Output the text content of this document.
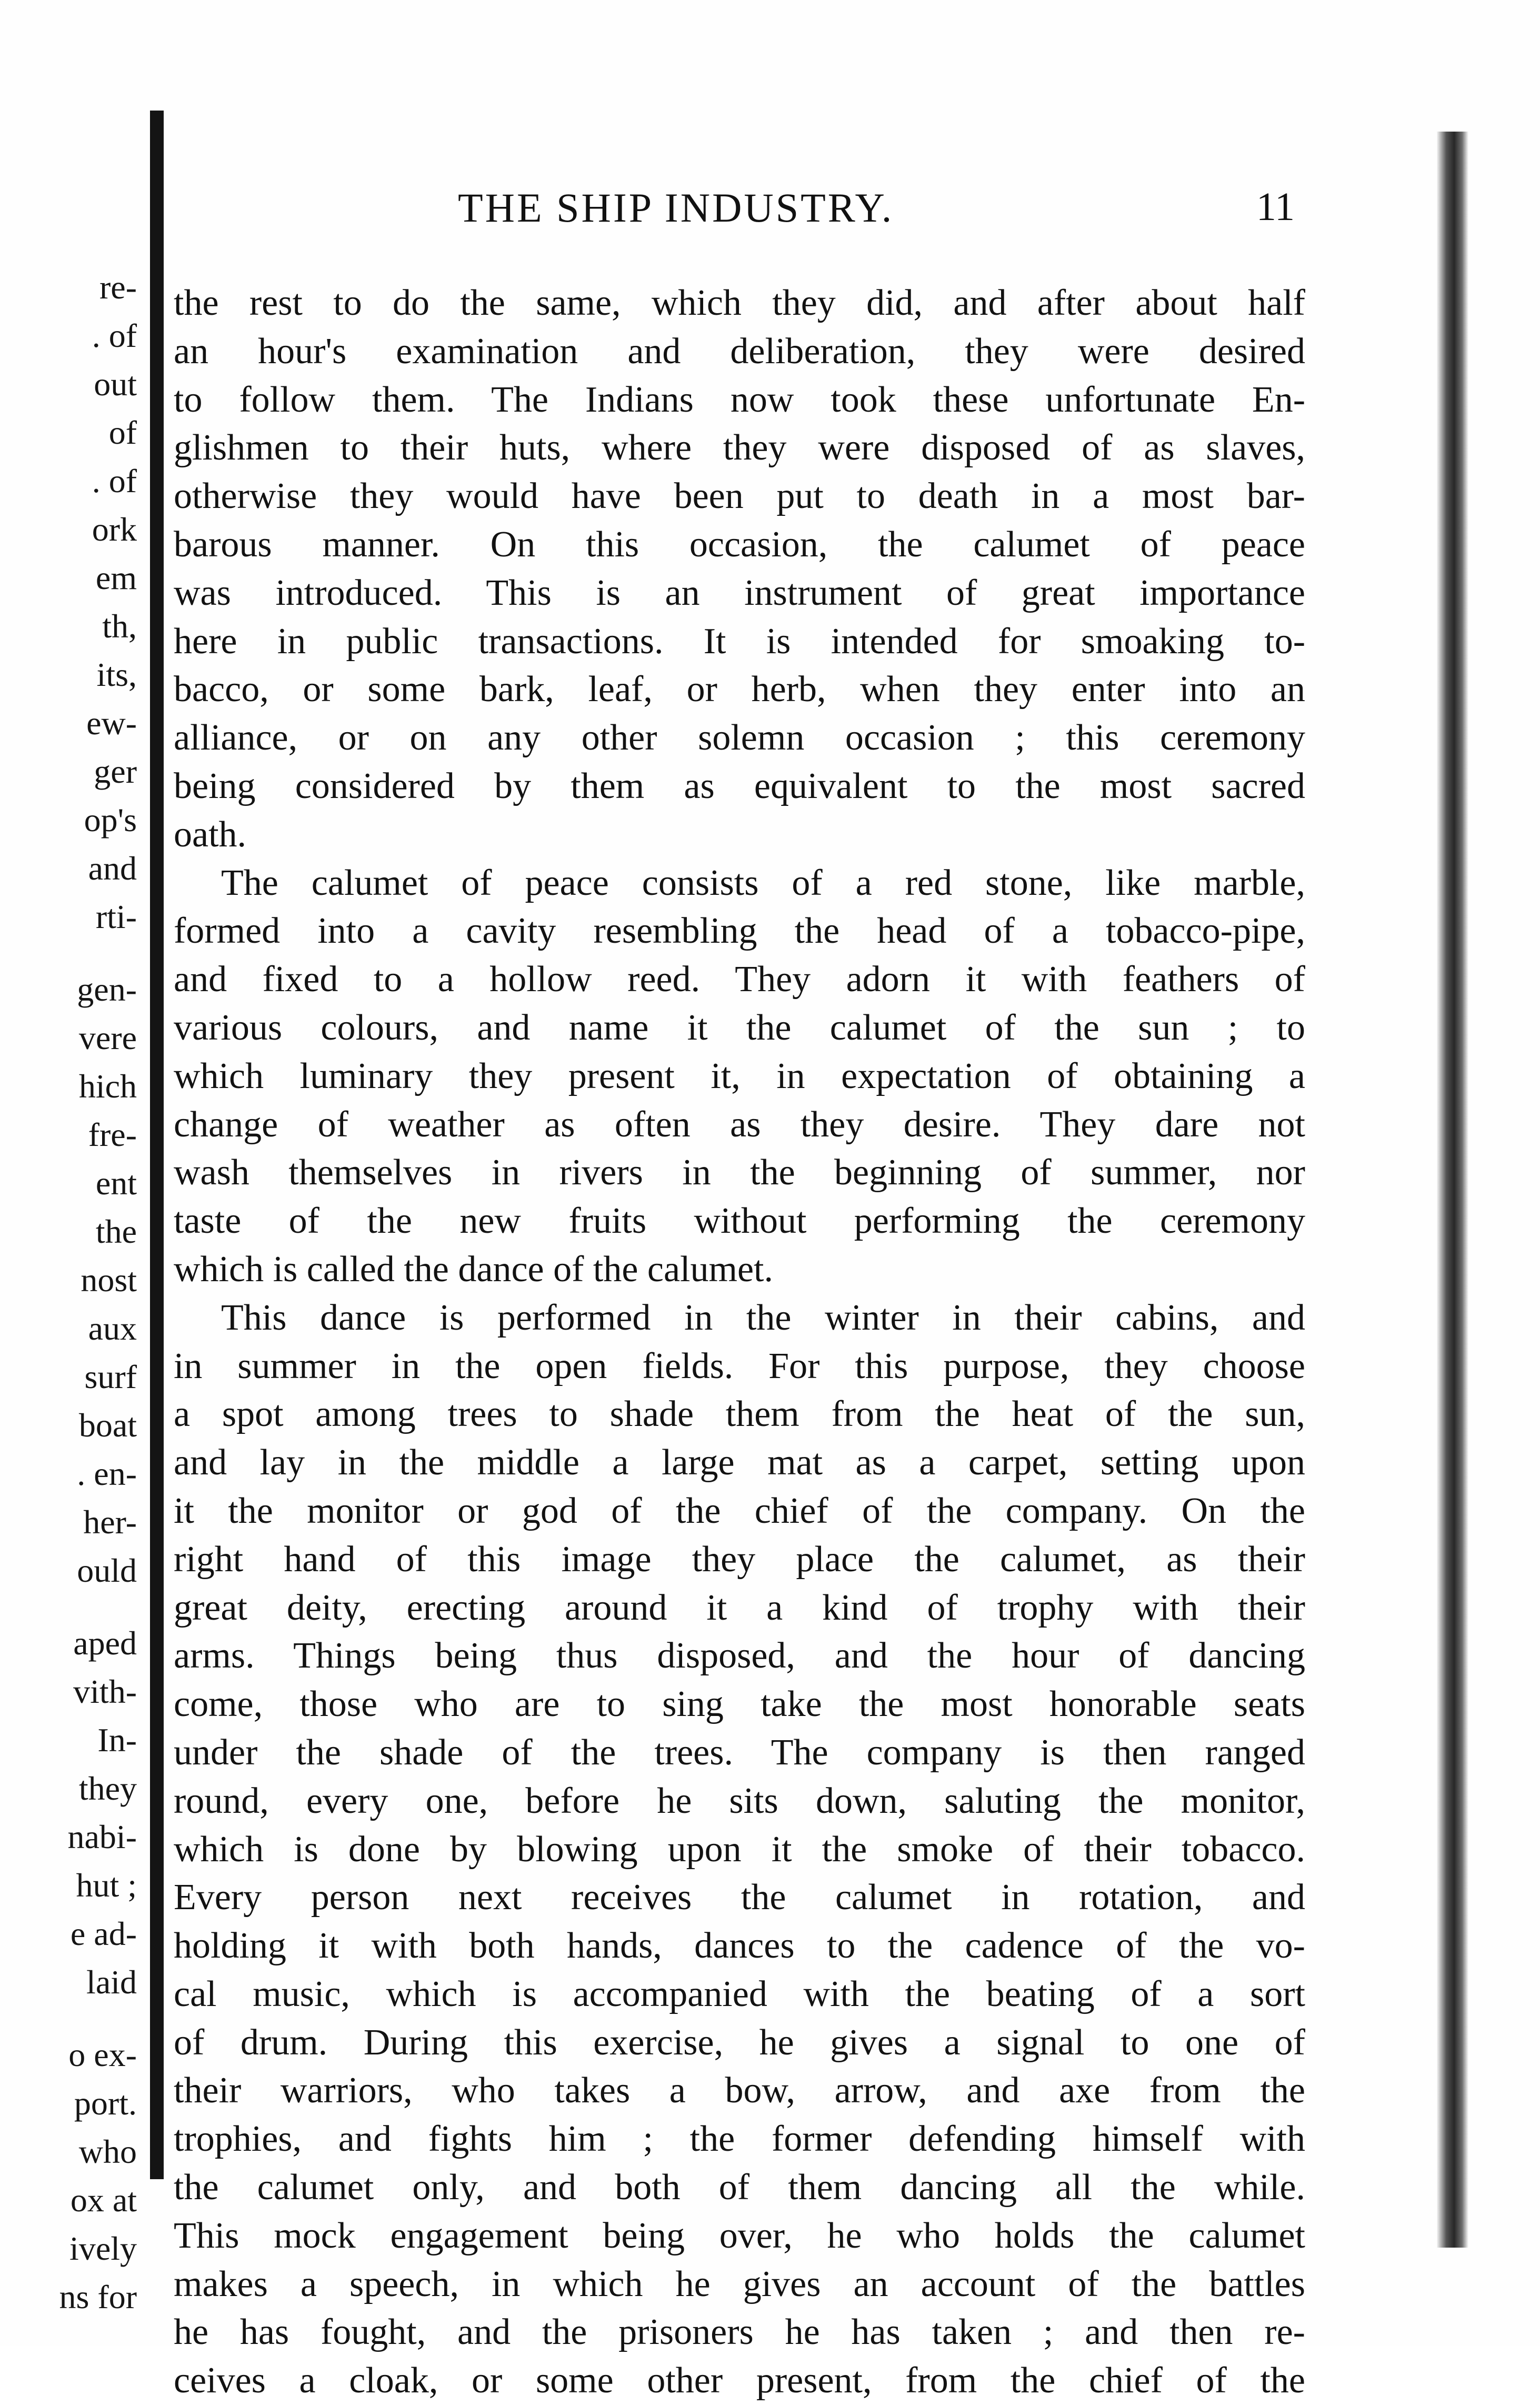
re-
. of
out
of
. of
ork
em
th,
its,
ew-
ger
op's
and
rti-
gen-
vere
hich
fre-
ent
the
nost
aux
surf
boat
. en-
her-
ould
aped
vith-
In-
they
nabi-
hut ;
e ad-
laid
o ex-
port.
who
ox at
ively
ns for
THE SHIP INDUSTRY.	11
the rest to do the same, which they did, and after about half
an hour's examination and deliberation, they were desired
to follow them. The Indians now took these unfortunate En-
glishmen to their huts, where they were disposed of as slaves,
otherwise they would have been put to death in a most bar-
barous manner. On this occasion, the calumet of peace
was introduced. This is an instrument of great importance
here in public transactions. It is intended for smoaking to-
bacco, or some bark, leaf, or herb, when they enter into an
alliance, or on any other solemn occasion ; this ceremony
being considered by them as equivalent to the most sacred
oath.
The calumet of peace consists of a red stone, like marble,
formed into a cavity resembling the head of a tobacco-pipe,
and fixed to a hollow reed. They adorn it with feathers of
various colours, and name it the calumet of the sun ; to
which luminary they present it, in expectation of obtaining a
change of weather as often as they desire. They dare not
wash themselves in rivers in the beginning of summer, nor
taste of the new fruits without performing the ceremony
which is called the dance of the calumet.
This dance is performed in the winter in their cabins, and
in summer in the open fields. For this purpose, they choose
a spot among trees to shade them from the heat of the sun,
and lay in the middle a large mat as a carpet, setting upon
it the monitor or god of the chief of the company. On the
right hand of this image they place the calumet, as their
great deity, erecting around it a kind of trophy with their
arms. Things being thus disposed, and the hour of dancing
come, those who are to sing take the most honorable seats
under the shade of the trees. The company is then ranged
round, every one, before he sits down, saluting the monitor,
which is done by blowing upon it the smoke of their tobacco.
Every person next receives the calumet in rotation, and
holding it with both hands, dances to the cadence of the vo-
cal music, which is accompanied with the beating of a sort
of drum. During this exercise, he gives a signal to one of
their warriors, who takes a bow, arrow, and axe from the
trophies, and fights him ; the former defending himself with
the calumet only, and both of them dancing all the while.
This mock engagement being over, he who holds the calumet
makes a speech, in which he gives an account of the battles
he has fought, and the prisoners he has taken ; and then re-
ceives a cloak, or some other present, from the chief of the
